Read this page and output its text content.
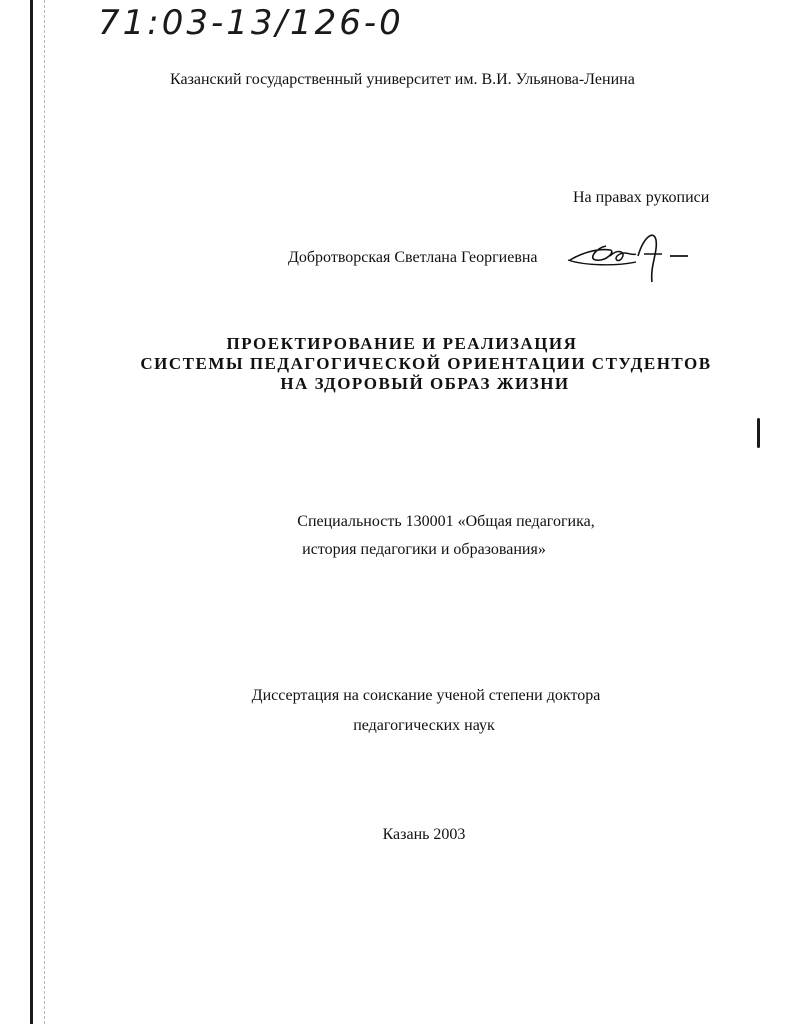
71:03-13/126-0
Казанский государственный университет им. В.И. Ульянова-Ленина
На правах рукописи
Добротворская Светлана Георгиевна
ПРОЕКТИРОВАНИЕ И РЕАЛИЗАЦИЯ
СИСТЕМЫ ПЕДАГОГИЧЕСКОЙ ОРИЕНТАЦИИ СТУДЕНТОВ
НА ЗДОРОВЫЙ ОБРАЗ ЖИЗНИ
Специальность 130001 «Общая педагогика,
история педагогики и образования»
Диссертация на соискание ученой степени доктора
педагогических наук
Казань 2003
